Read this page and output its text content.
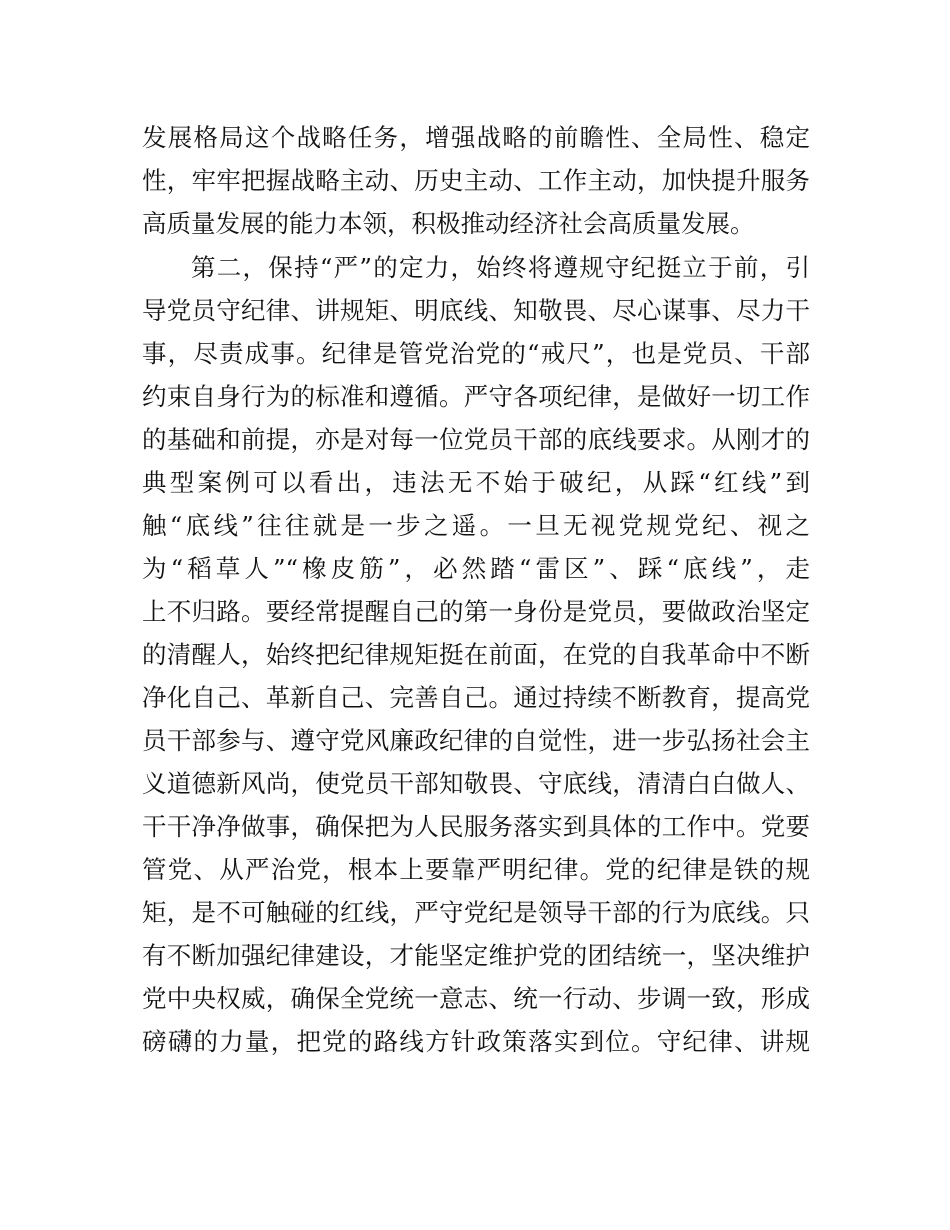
发展格局这个战略任务，增强战略的前瞻性、全局性、稳定
性，牢牢把握战略主动、历史主动、工作主动，加快提升服务
高质量发展的能力本领，积极推动经济社会高质量发展。
第二，保持“严”的定力，始终将遵规守纪挺立于前，引
导党员守纪律、讲规矩、明底线、知敬畏、尽心谋事、尽力干
事，尽责成事。纪律是管党治党的“戒尺”，也是党员、干部
约束自身行为的标准和遵循。严守各项纪律，是做好一切工作
的基础和前提，亦是对每一位党员干部的底线要求。从刚才的
典型案例可以看出，违法无不始于破纪，从踩“红线”到
触“底线”往往就是一步之遥。一旦无视党规党纪、视之
为“稻草人”“橡皮筋”，必然踏“雷区”、踩“底线”，走
上不归路。要经常提醒自己的第一身份是党员，要做政治坚定
的清醒人，始终把纪律规矩挺在前面，在党的自我革命中不断
净化自己、革新自己、完善自己。通过持续不断教育，提高党
员干部参与、遵守党风廉政纪律的自觉性，进一步弘扬社会主
义道德新风尚，使党员干部知敬畏、守底线，清清白白做人、
干干净净做事，确保把为人民服务落实到具体的工作中。党要
管党、从严治党，根本上要靠严明纪律。党的纪律是铁的规
矩，是不可触碰的红线，严守党纪是领导干部的行为底线。只
有不断加强纪律建设，才能坚定维护党的团结统一，坚决维护
党中央权威，确保全党统一意志、统一行动、步调一致，形成
磅礴的力量，把党的路线方针政策落实到位。守纪律、讲规
